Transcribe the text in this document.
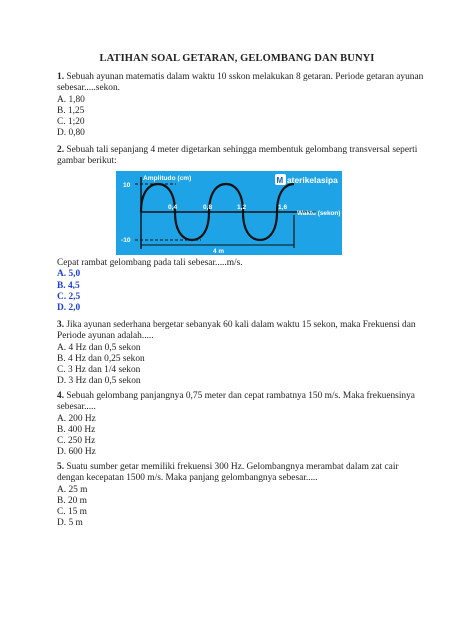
LATIHAN SOAL GETARAN, GELOMBANG DAN BUNYI
1. Sebuah ayunan matematis dalam waktu 10 sskon melakukan 8 getaran. Periode getaran ayunan sebesar.....sekon.
A. 1,80
B. 1,25
C. 1;20
D. 0,80
2. Sebuah tali sepanjang 4 meter digetarkan sehingga membentuk gelombang transversal seperti gambar berikut:
Amplitudo (cm)
10
-10
0,4	0,8	1,2	1,6
Waktu (sekon)
4 m
M aterikelasipa
Cepat rambat gelombang pada tali sebesar.....m/s.
A. 5,0
B. 4,5
C. 2,5
D. 2,0
3. Jika ayunan sederhana bergetar sebanyak 60 kali dalam waktu 15 sekon, maka Frekuensi dan Periode ayunan adalah.....
A. 4 Hz dan 0,5 sekon
B. 4 Hz dan 0,25 sekon
C. 3 Hz dan 1/4 sekon
D. 3 Hz dan 0,5 sekon
4. Sebuah gelombang panjangnya 0,75 meter dan cepat rambatnya 150 m/s. Maka frekuensinya sebesar.....
A. 200 Hz
B. 400 Hz
C. 250 Hz
D. 600 Hz
5. Suatu sumber getar memiliki frekuensi 300 Hz. Gelombangnya merambat dalam zat cair dengan kecepatan 1500 m/s. Maka panjang gelombangnya sebesar.....
A. 25 m
B. 20 m
C. 15 m
D. 5 m
